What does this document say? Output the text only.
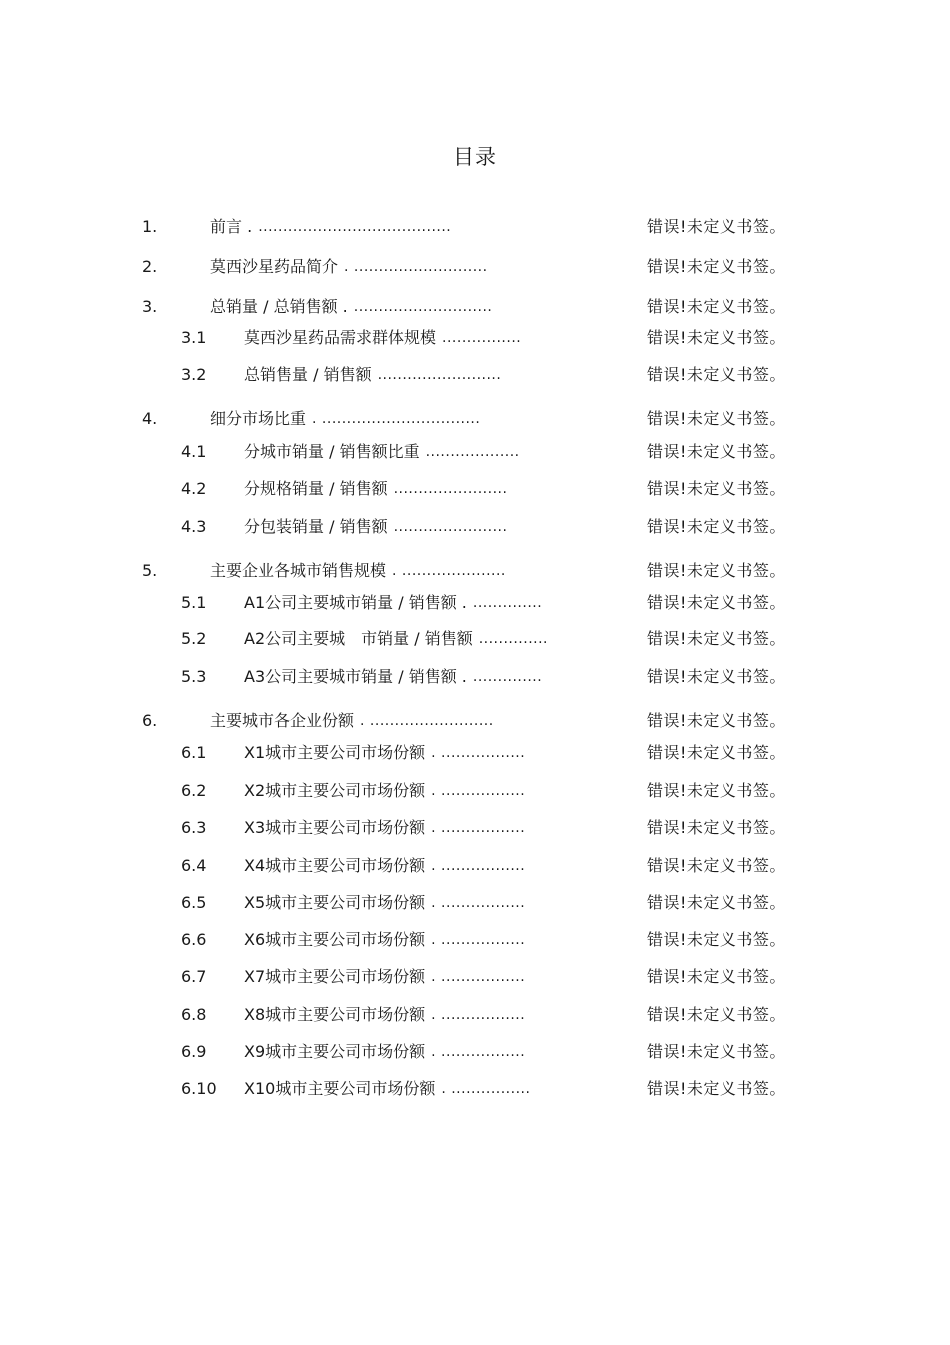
目录
1.	前言 . .......................................	错误!未定义书签。
2.	莫西沙星药品简介 . ...........................	错误!未定义书签。
3.	总销量 / 总销售额 . ............................	错误!未定义书签。
3.1 莫西沙星药品需求群体规模 ................	错误!未定义书签。
3.2 总销售量 / 销售额 .........................	错误!未定义书签。
4.	细分市场比重 . ................................	错误!未定义书签。
4.1 分城市销量 / 销售额比重 ...................	错误!未定义书签。
4.2 分规格销量 / 销售额 .......................	错误!未定义书签。
4.3 分包装销量 / 销售额 .......................	错误!未定义书签。
5.	主要企业各城市销售规模 . .....................	错误!未定义书签。
5.1 A1公司主要城市销量 / 销售额 . ..............	错误!未定义书签。
5.2 A2公司主要城　市销量 / 销售额 ..............	错误!未定义书签。
5.3 A3公司主要城市销量 / 销售额 . ..............	错误!未定义书签。
6.	主要城市各企业份额 . .........................	错误!未定义书签。
6.1 X1城市主要公司市场份额 . .................	错误!未定义书签。
6.2 X2城市主要公司市场份额 . .................	错误!未定义书签。
6.3 X3城市主要公司市场份额 . .................	错误!未定义书签。
6.4 X4城市主要公司市场份额 . .................	错误!未定义书签。
6.5 X5城市主要公司市场份额 . .................	错误!未定义书签。
6.6 X6城市主要公司市场份额 . .................	错误!未定义书签。
6.7 X7城市主要公司市场份额 . .................	错误!未定义书签。
6.8 X8城市主要公司市场份额 . .................	错误!未定义书签。
6.9 X9城市主要公司市场份额 . .................	错误!未定义书签。
6.10 X10城市主要公司市场份额 . ................	错误!未定义书签。
